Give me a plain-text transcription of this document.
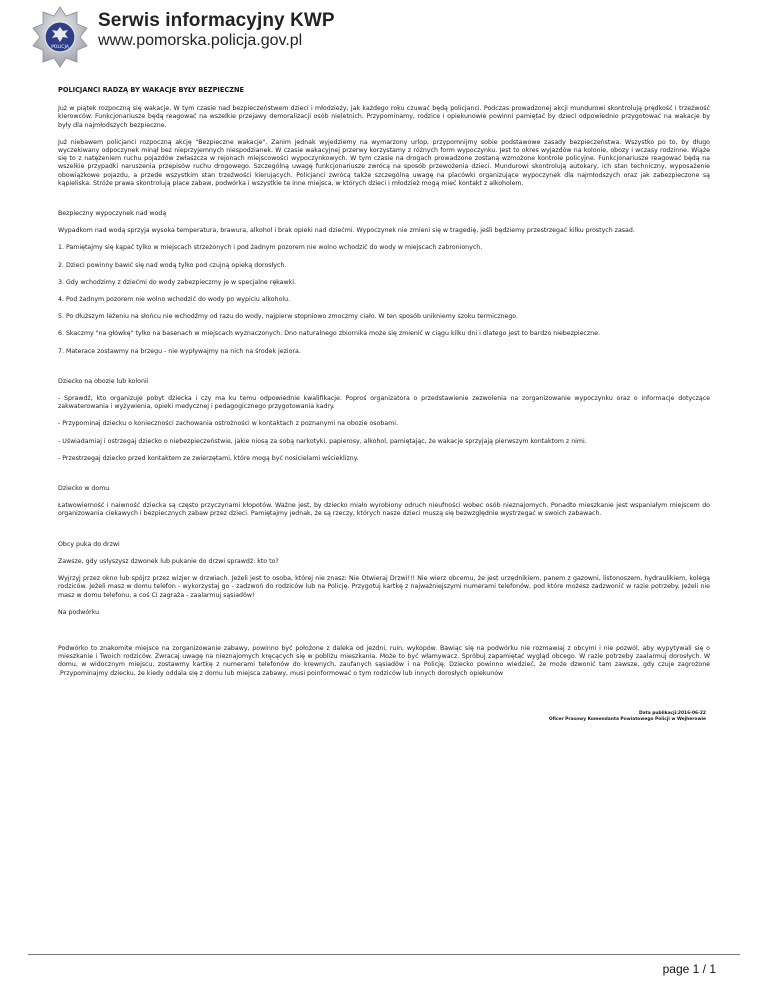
POLICJA
Serwis informacyjny KWP

www.pomorska.policja.gov.pl

POLICJANCI RADZĄ BY WAKACJE BYŁY BEZPIECZNE

Już w piątek rozpoczną się wakacje. W tym czasie nad bezpieczeństwem dzieci i młodzieży, jak każdego roku czuwać będą policjanci. Podczas prowadzonej akcji mundurowi skontrolują prędkość i trzeźwość kierowców. Funkcjonariusze będą reagować na wszelkie przejawy demoralizacji osób nieletnich. Przypominamy, rodzice i opiekunowie powinni pamiętać by dzieci odpowiednio przygotować na wakacje by były dla najmłodszych bezpieczne.

Już niebawem policjanci rozpoczną akcję "Bezpieczne wakacje". Zanim jednak wyjedziemy na wymarzony urlop, przypomnijmy sobie podstawowe zasady bezpieczeństwa. Wszystko po to, by długo wyczekiwany odpoczynek minął bez nieprzyjemnych niespodzianek. W czasie wakacyjnej przerwy korzystamy z różnych form wypoczynku. Jest to okres wyjazdów na kolonie, obozy i wczasy rodzinne. Wiąże się to z natężeniem ruchu pojazdów zwłaszcza w rejonach miejscowości wypoczynkowych. W tym czasie na drogach prowadzone zostaną wzmożone kontrole policyjne. Funkcjonariusze reagować będą na wszelkie przypadki naruszenia przepisów ruchu drogowego. Szczególną uwagę funkcjonariusze zwrócą na sposób przewożenia dzieci. Mundurowi skontrolują autokary, ich stan techniczny, wyposażenie obowiązkowe pojazdu, a przede wszystkim stan trzeźwości kierujących. Policjanci zwrócą także szczególną uwagę na placówki organizujące wypoczynek dla najmłodszych oraz jak zabezpieczone są kąpieliska. Stróże prawa skontrolują place zabaw, podwórka i wszystkie te inne miejsca, w których dzieci i młodzież mogą mieć kontakt z alkoholem.

Bezpieczny wypoczynek nad wodą

Wypadkom nad wodą sprzyja wysoka temperatura, brawura, alkohol i brak opieki nad dziećmi. Wypoczynek nie zmieni się w tragedię, jeśli będziemy przestrzegać kilku prostych zasad.

1. Pamiętajmy się kąpać tylko w miejscach strzeżonych i pod żadnym pozorem nie wolno wchodzić do wody w miejscach zabronionych.

2. Dzieci powinny bawić się nad wodą tylko pod czujną opieką dorosłych.

3. Gdy wchodzimy z dziećmi do wody zabezpieczmy je w specjalne rękawki.

4. Pod żadnym pozorem nie wolno wchodzić do wody po wypiciu alkoholu.

5. Po dłuższym leżeniu na słońcu nie wchodźmy od razu do wody, najpierw stopniowo zmoczmy ciało. W ten sposób unikniemy szoku termicznego.

6. Skaczmy "na główkę" tylko na basenach w miejscach wyznaczonych. Dno naturalnego zbiornika może się zmienić w ciągu kilku dni i dlatego jest to bardzo niebezpieczne.

7. Materace zostawmy na brzegu - nie wypływajmy na nich na środek jeziora.

Dziecko na obozie lub kolonii

- Sprawdź, kto organizuje pobyt dziecka i czy ma ku temu odpowiednie kwalifikacje. Poproś organizatora o przedstawienie zezwolenia na zorganizowanie wypoczynku oraz o informacje dotyczące zakwaterowania i wyżywienia, opieki medycznej i pedagogicznego przygotowania kadry.

- Przypominaj dziecku o konieczności zachowania ostrożności w kontaktach z poznanymi na obozie osobami.

- Uświadamiaj i ostrzegaj dziecko o niebezpieczeństwie, jakie niosą za sobą narkotyki, papierosy, alkohol, pamiętając, że wakacje sprzyjają pierwszym kontaktom z nimi.

- Przestrzegaj dziecko przed kontaktem ze zwierzętami, które mogą być nosicielami wścieklizny.

Dziecko w domu

Łatwowierność i naiwność dziecka są często przyczynami kłopotów. Ważne jest, by dziecko miało wyrobiony odruch nieufności wobec osób nieznajomych. Ponadto mieszkanie jest wspaniałym miejscem do organizowania ciekawych i bezpiecznych zabaw przez dzieci. Pamiętajmy jednak, że są rzeczy, których nasze dzieci muszą się bezwzględnie wystrzegać w swoich zabawach.

Obcy puka do drzwi

Zawsze, gdy usłyszysz dzwonek lub pukanie do drzwi sprawdź: kto to?

Wyjrzyj przez okno lub spójrz przez wizjer w drzwiach. Jeżeli jest to osoba, której nie znasz: Nie Otwieraj Drzwi!!! Nie wierz obcemu, że jest urzędnikiem, panem z gazowni, listonoszem, hydraulikiem, kolegą rodziców. Jeżeli masz w domu telefon - wykorzystaj go - zadzwoń do rodziców lub na Policję. Przygotuj kartkę z najważniejszymi numerami telefonów, pod które możesz zadzwonić w razie potrzeby. Jeżeli nie masz w domu telefonu, a coś Ci zagraża - zaalarmuj sąsiadów!

Na podwórku

Podwórko to znakomite miejsce na zorganizowanie zabawy, powinno być położone z daleka od jezdni, ruin, wykopów. Bawiąc się na podwórku nie rozmawiaj z obcymi i nie pozwól, aby wypytywali się o mieszkanie i Twoich rodziców. Zwracaj uwagę na nieznajomych kręcących się w pobliżu mieszkania. Może to być włamywacz. Spróbuj zapamiętać wygląd obcego. W razie potrzeby zaalarmuj dorosłych. W domu, w widocznym miejscu, zostawmy kartkę z numerami telefonów do krewnych, zaufanych sąsiadów i na Policję. Dziecko powinno wiedzieć, że może dzwonić tam zawsze, gdy czuje zagrożone .Przypominajmy dziecku, że kiedy oddala się z domu lub miejsca zabawy, musi poinformować o tym rodziców lub innych dorosłych opiekunów

Data publikacji:2016-06-22
Oficer Prasowy Komendanta Powiatowego Policji w Wejherowie
page 1 / 1
